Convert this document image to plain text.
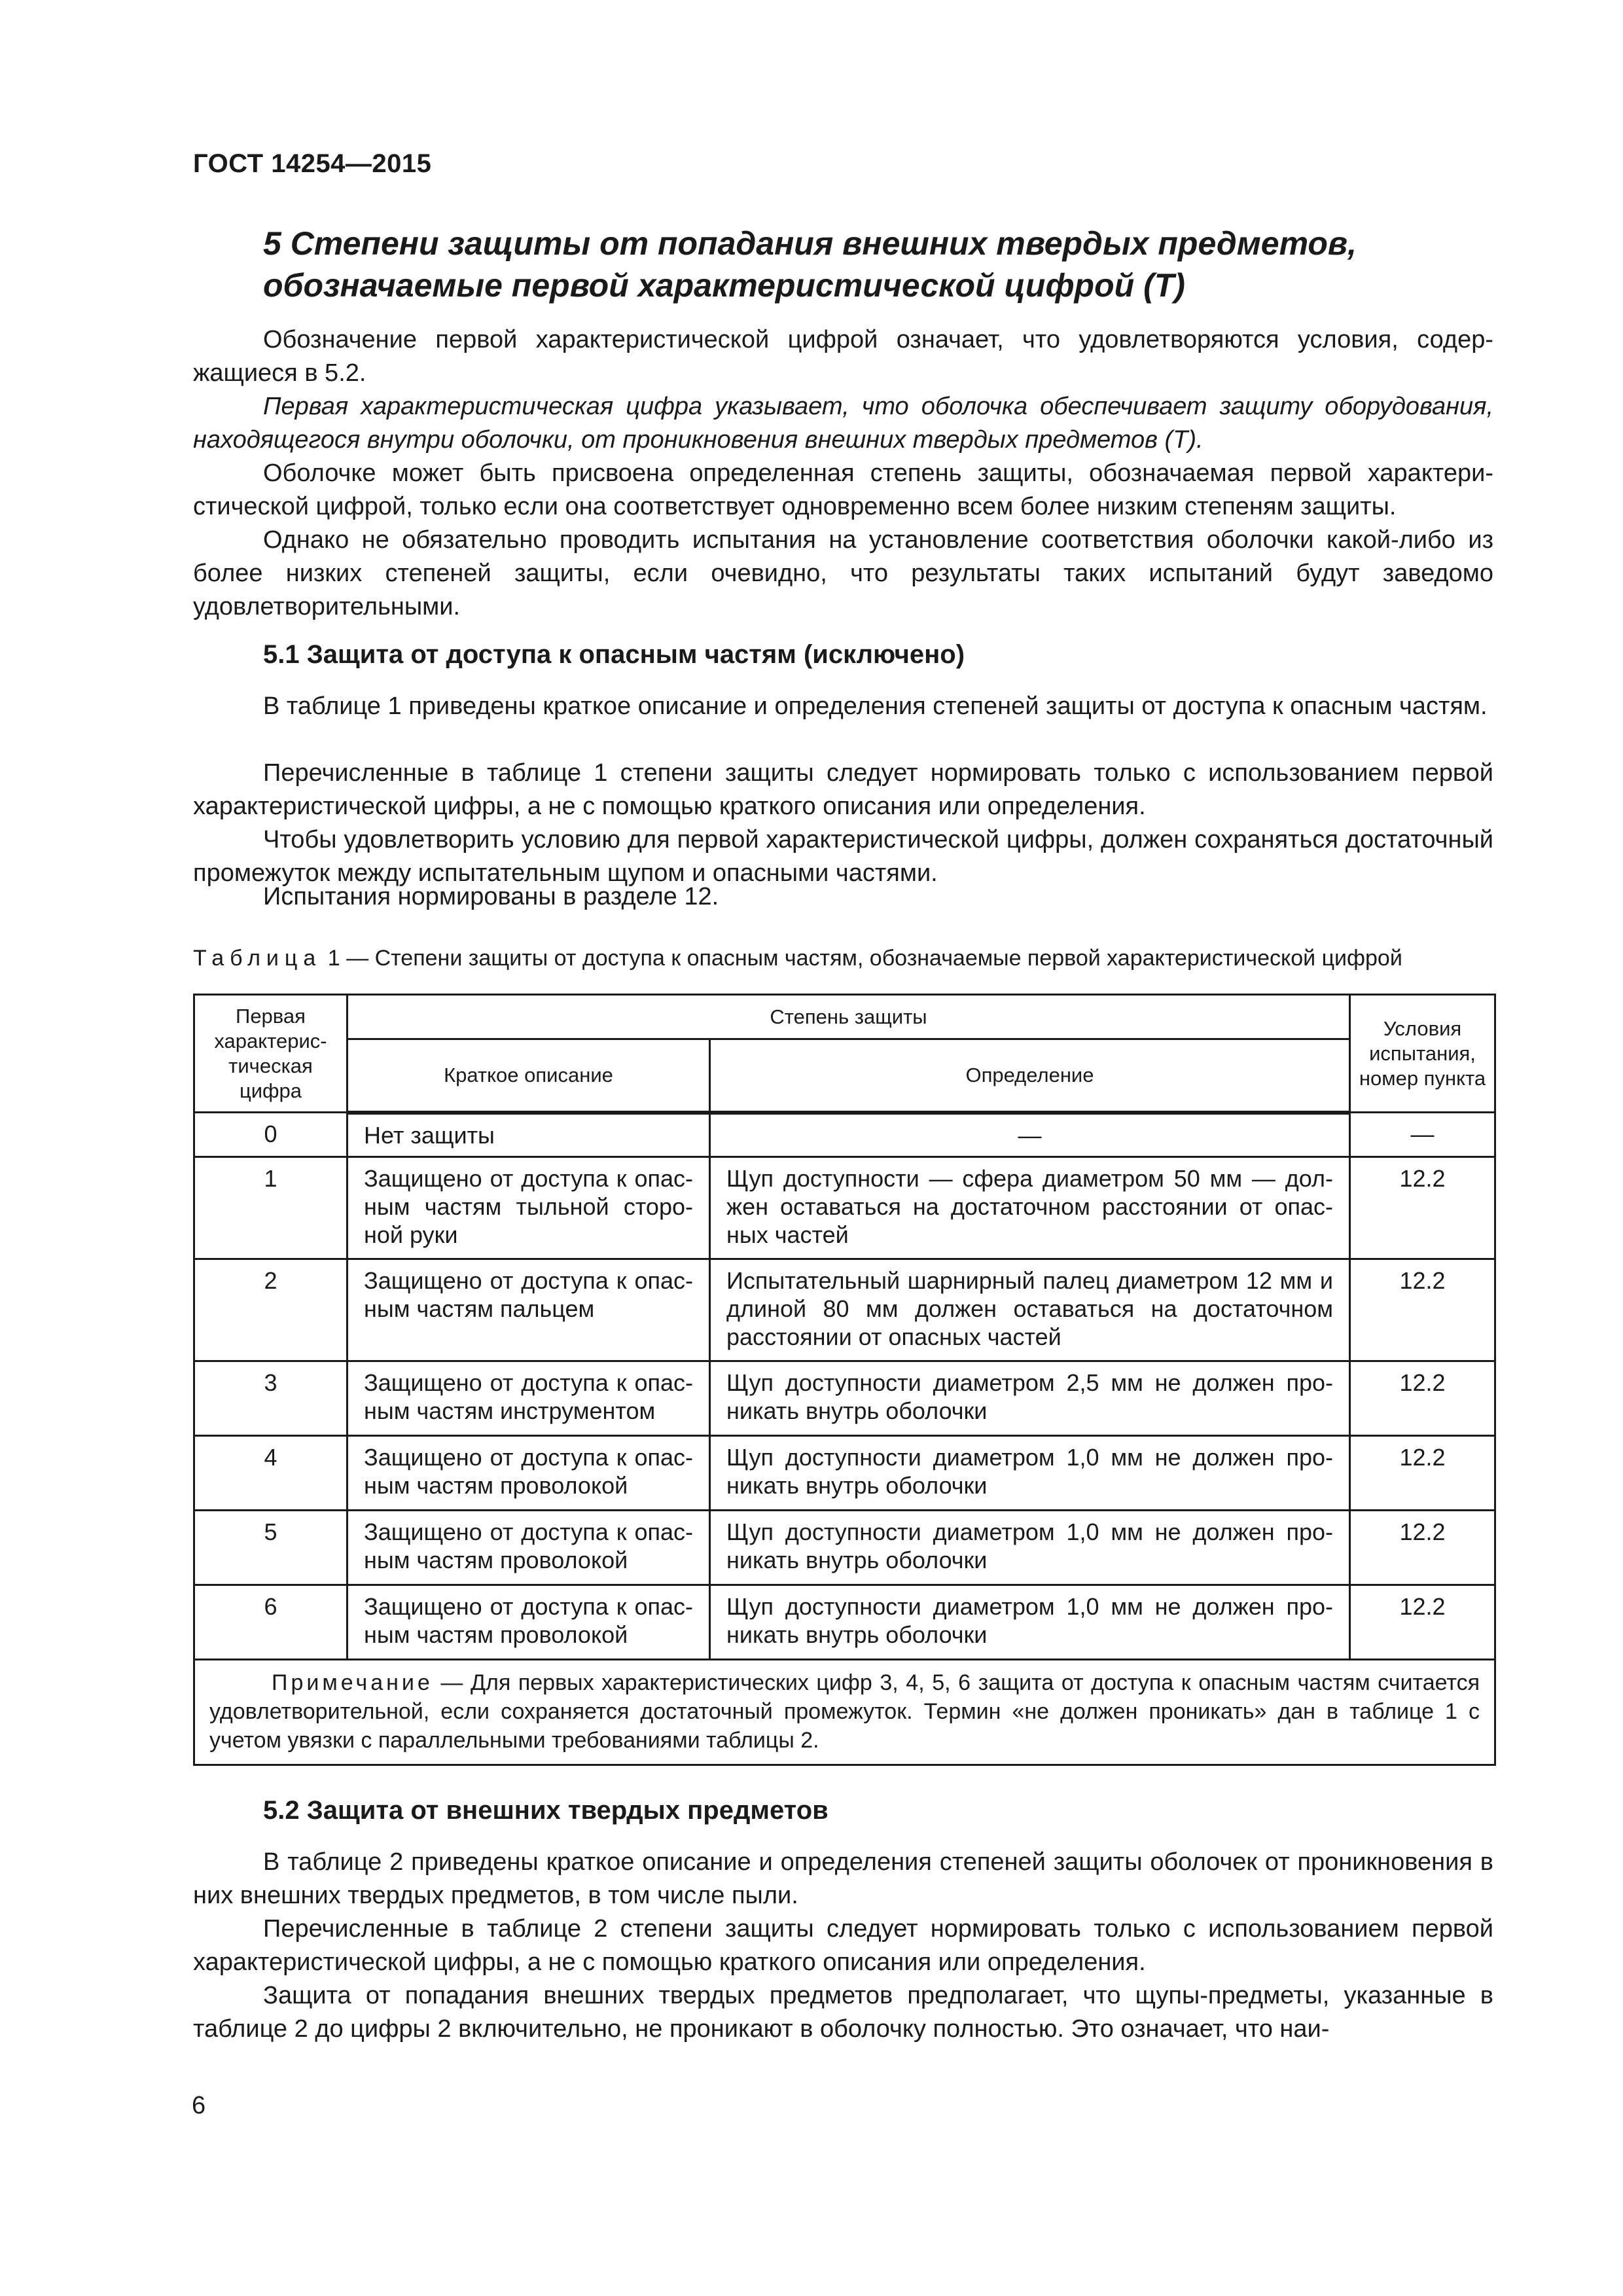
ГОСТ 14254—2015
5 Степени защиты от попадания внешних твердых предметов,
обозначаемые первой характеристической цифрой (Т)

Обозначение первой характеристической цифрой означает, что удовлетворяются условия, содержащиеся в 5.2.

Первая характеристическая цифра указывает, что оболочка обеспечивает защиту оборудования, находящегося внутри оболочки, от проникновения внешних твердых предметов (Т).

Оболочке может быть присвоена определенная степень защиты, обозначаемая первой характеристической цифрой, только если она соответствует одновременно всем более низким степеням защиты.

Однако не обязательно проводить испытания на установление соответствия оболочки какой-либо из более низких степеней защиты, если очевидно, что результаты таких испытаний будут заведомо удовлетворительными.

5.1 Защита от доступа к опасным частям (исключено)

В таблице 1 приведены краткое описание и определения степеней защиты от доступа к опасным частям.

Перечисленные в таблице 1 степени защиты следует нормировать только с использованием первой характеристической цифры, а не с помощью краткого описания или определения.

Чтобы удовлетворить условию для первой характеристической цифры, должен сохраняться достаточный промежуток между испытательным щупом и опасными частями.

Испытания нормированы в разделе 12.

Таблица 1 — Степени защиты от доступа к опасным частям, обозначаемые первой характеристической цифрой
Первая характеристическая цифра	Степень защиты		Условия испытания, номер пункта
	Краткое описание	Определение	
0	Нет защиты	—	—
1	Защищено от доступа к опасным частям тыльной стороной руки	Щуп доступности — сфера диаметром 50 мм — должен оставаться на достаточном расстоянии от опасных частей	12.2
2	Защищено от доступа к опасным частям пальцем	Испытательный шарнирный палец диаметром 12 мм и длиной 80 мм должен оставаться на достаточном расстоянии от опасных частей	12.2
3	Защищено от доступа к опасным частям инструментом	Щуп доступности диаметром 2,5 мм не должен проникать внутрь оболочки	12.2
4	Защищено от доступа к опасным частям проволокой	Щуп доступности диаметром 1,0 мм не должен проникать внутрь оболочки	12.2
5	Защищено от доступа к опасным частям проволокой	Щуп доступности диаметром 1,0 мм не должен проникать внутрь оболочки	12.2
6	Защищено от доступа к опасным частям проволокой	Щуп доступности диаметром 1,0 мм не должен проникать внутрь оболочки	12.2
Примечание — Для первых характеристических цифр 3, 4, 5, 6 защита от доступа к опасным частям считается удовлетворительной, если сохраняется достаточный промежуток. Термин «не должен проникать» дан в таблице 1 с учетом увязки с параллельными требованиями таблицы 2.			
5.2 Защита от внешних твердых предметов

В таблице 2 приведены краткое описание и определения степеней защиты оболочек от проникновения в них внешних твердых предметов, в том числе пыли.

Перечисленные в таблице 2 степени защиты следует нормировать только с использованием первой характеристической цифры, а не с помощью краткого описания или определения.

Защита от попадания внешних твердых предметов предполагает, что щупы-предметы, указанные в таблице 2 до цифры 2 включительно, не проникают в оболочку полностью. Это означает, что наи-

6
